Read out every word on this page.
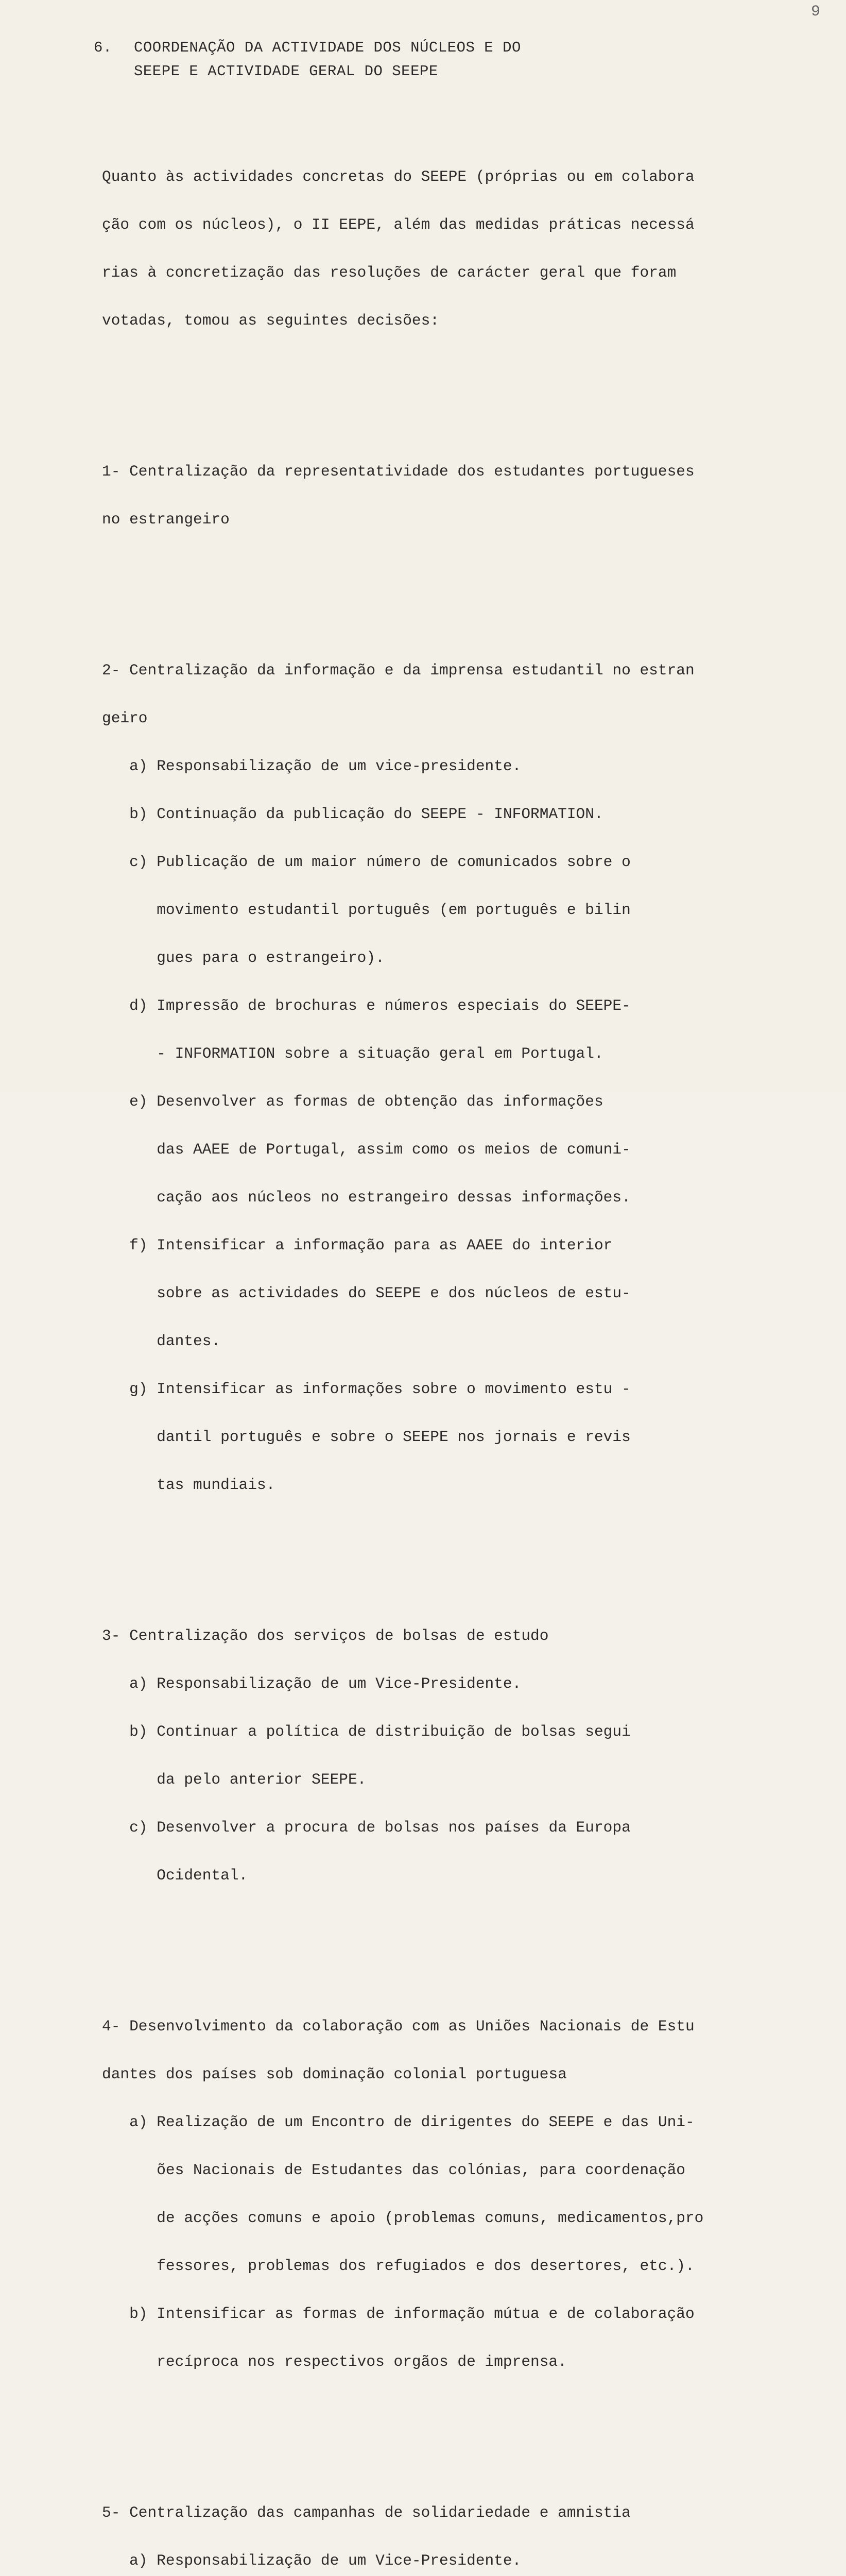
9
6. COORDENAÇÃO DA ACTIVIDADE DOS NÚCLEOS E DO
SEEPE E ACTIVIDADE GERAL DO SEEPE

Quanto às actividades concretas do SEEPE (próprias ou em colabora

ção com os núcleos), o II EEPE, além das medidas práticas necessá

rias à concretização das resoluções de carácter geral que foram

votadas, tomou as seguintes decisões:

1- Centralização da representatividade dos estudantes portugueses

no estrangeiro

2- Centralização da informação e da imprensa estudantil no estran

geiro

a) Responsabilização de um vice-presidente.

b) Continuação da publicação do SEEPE - INFORMATION.

c) Publicação de um maior número de comunicados sobre o

movimento estudantil português (em português e bilin

gues para o estrangeiro).

d) Impressão de brochuras e números especiais do SEEPE-

- INFORMATION sobre a situação geral em Portugal.

e) Desenvolver as formas de obtenção das informações

das AAEE de Portugal, assim como os meios de comuni-

cação aos núcleos no estrangeiro dessas informações.

f) Intensificar a informação para as AAEE do interior

sobre as actividades do SEEPE e dos núcleos de estu-

dantes.

g) Intensificar as informações sobre o movimento estu -

dantil português e sobre o SEEPE nos jornais e revis

tas mundiais.

3- Centralização dos serviços de bolsas de estudo

a) Responsabilização de um Vice-Presidente.

b) Continuar a política de distribuição de bolsas segui

da pelo anterior SEEPE.

c) Desenvolver a procura de bolsas nos países da Europa

Ocidental.

4- Desenvolvimento da colaboração com as Uniões Nacionais de Estu

dantes dos países sob dominação colonial portuguesa

a) Realização de um Encontro de dirigentes do SEEPE e das Uni-

ões Nacionais de Estudantes das colónias, para coordenação

de acções comuns e apoio (problemas comuns, medicamentos,pro

fessores, problemas dos refugiados e dos desertores, etc.).

b) Intensificar as formas de informação mútua e de colaboração

recíproca nos respectivos orgãos de imprensa.

5- Centralização das campanhas de solidariedade e amnistia

a) Responsabilização de um Vice-Presidente.
